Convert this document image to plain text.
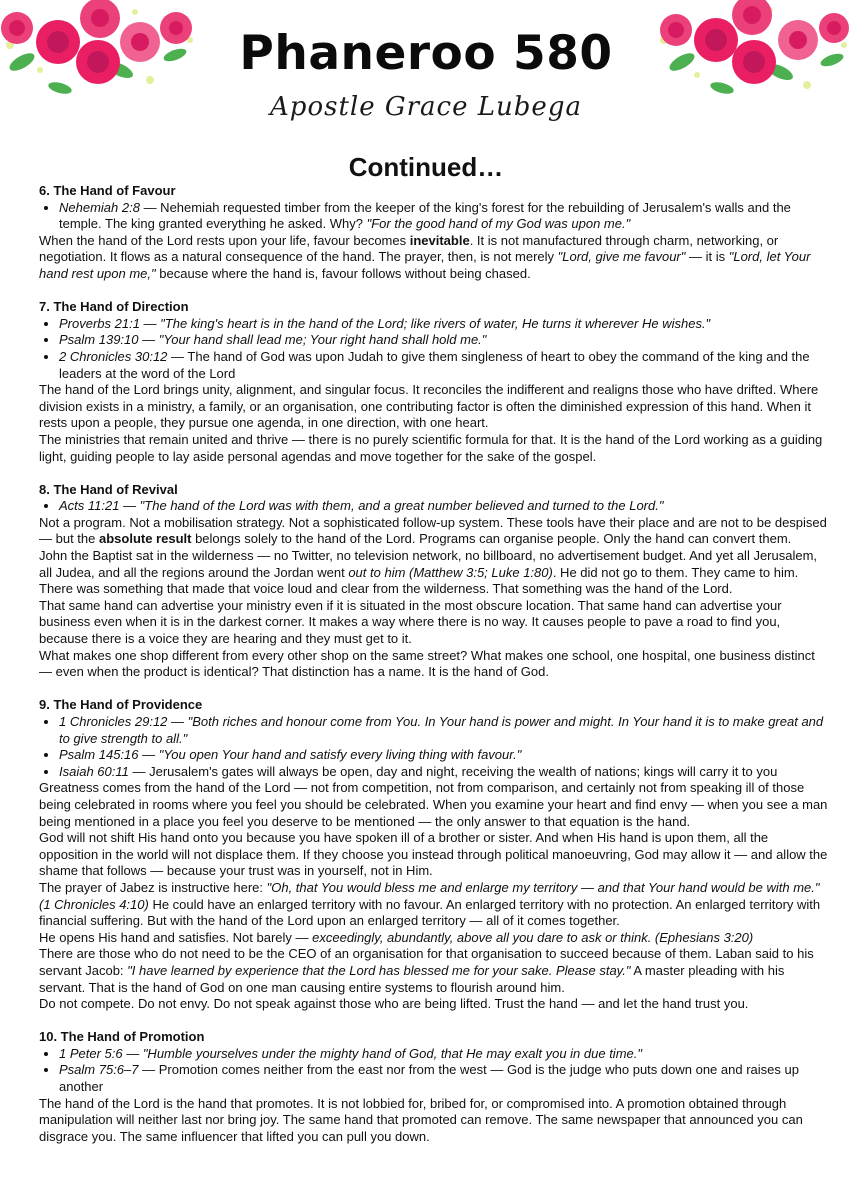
Phaneroo 580
Apostle Grace Lubega
Continued…

6. The Hand of Favour

• Nehemiah 2:8 — Nehemiah requested timber from the keeper of the king's forest for the rebuilding of Jerusalem's walls and the temple. The king granted everything he asked. Why? "For the good hand of my God was upon me."

When the hand of the Lord rests upon your life, favour becomes inevitable. It is not manufactured through charm, networking, or negotiation. It flows as a natural consequence of the hand. The prayer, then, is not merely "Lord, give me favour" — it is "Lord, let Your hand rest upon me," because where the hand is, favour follows without being chased.

7. The Hand of Direction

• Proverbs 21:1 — "The king's heart is in the hand of the Lord; like rivers of water, He turns it wherever He wishes."
• Psalm 139:10 — "Your hand shall lead me; Your right hand shall hold me."
• 2 Chronicles 30:12 — The hand of God was upon Judah to give them singleness of heart to obey the command of the king and the leaders at the word of the Lord

The hand of the Lord brings unity, alignment, and singular focus. It reconciles the indifferent and realigns those who have drifted. Where division exists in a ministry, a family, or an organisation, one contributing factor is often the diminished expression of this hand. When it rests upon a people, they pursue one agenda, in one direction, with one heart.

The ministries that remain united and thrive — there is no purely scientific formula for that. It is the hand of the Lord working as a guiding light, guiding people to lay aside personal agendas and move together for the sake of the gospel.

8. The Hand of Revival

• Acts 11:21 — "The hand of the Lord was with them, and a great number believed and turned to the Lord."

Not a program. Not a mobilisation strategy. Not a sophisticated follow-up system. These tools have their place and are not to be despised — but the absolute result belongs solely to the hand of the Lord. Programs can organise people. Only the hand can convert them.

John the Baptist sat in the wilderness — no Twitter, no television network, no billboard, no advertisement budget. And yet all Jerusalem, all Judea, and all the regions around the Jordan went out to him (Matthew 3:5; Luke 1:80). He did not go to them. They came to him. There was something that made that voice loud and clear from the wilderness. That something was the hand of the Lord.

That same hand can advertise your ministry even if it is situated in the most obscure location. That same hand can advertise your business even when it is in the darkest corner. It makes a way where there is no way. It causes people to pave a road to find you, because there is a voice they are hearing and they must get to it.

What makes one shop different from every other shop on the same street? What makes one school, one hospital, one business distinct — even when the product is identical? That distinction has a name. It is the hand of God.

9. The Hand of Providence

• 1 Chronicles 29:12 — "Both riches and honour come from You. In Your hand is power and might. In Your hand it is to make great and to give strength to all."
• Psalm 145:16 — "You open Your hand and satisfy every living thing with favour."
• Isaiah 60:11 — Jerusalem's gates will always be open, day and night, receiving the wealth of nations; kings will carry it to you

Greatness comes from the hand of the Lord — not from competition, not from comparison, and certainly not from speaking ill of those being celebrated in rooms where you feel you should be celebrated. When you examine your heart and find envy — when you see a man being mentioned in a place you feel you deserve to be mentioned — the only answer to that equation is the hand.

God will not shift His hand onto you because you have spoken ill of a brother or sister. And when His hand is upon them, all the opposition in the world will not displace them. If they choose you instead through political manoeuvring, God may allow it — and allow the shame that follows — because your trust was in yourself, not in Him.

The prayer of Jabez is instructive here: "Oh, that You would bless me and enlarge my territory — and that Your hand would be with me." (1 Chronicles 4:10) He could have an enlarged territory with no favour. An enlarged territory with no protection. An enlarged territory with financial suffering. But with the hand of the Lord upon an enlarged territory — all of it comes together.

He opens His hand and satisfies. Not barely — exceedingly, abundantly, above all you dare to ask or think. (Ephesians 3:20)

There are those who do not need to be the CEO of an organisation for that organisation to succeed because of them. Laban said to his servant Jacob: "I have learned by experience that the Lord has blessed me for your sake. Please stay." A master pleading with his servant. That is the hand of God on one man causing entire systems to flourish around him.

Do not compete. Do not envy. Do not speak against those who are being lifted. Trust the hand — and let the hand trust you.

10. The Hand of Promotion

• 1 Peter 5:6 — "Humble yourselves under the mighty hand of God, that He may exalt you in due time."
• Psalm 75:6–7 — Promotion comes neither from the east nor from the west — God is the judge who puts down one and raises up another

The hand of the Lord is the hand that promotes. It is not lobbied for, bribed for, or compromised into. A promotion obtained through manipulation will neither last nor bring joy. The same hand that promoted can remove. The same newspaper that announced you can disgrace you. The same influencer that lifted you can pull you down.
